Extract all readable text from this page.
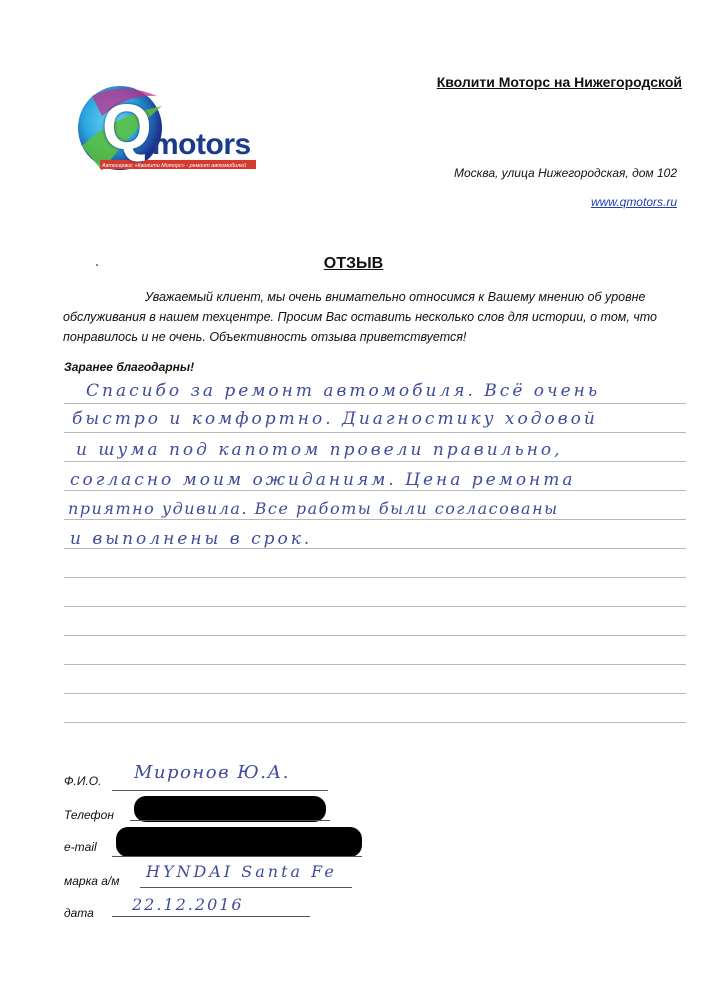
Автосервис «Кволити Моторс» - ремонт автомобилей
Q motors
Кволити Моторс на Нижегородской
Москва, улица Нижегородская, дом 102
www.qmotors.ru
ОТЗЫВ
Уважаемый клиент, мы очень внимательно относимся к Вашему мнению об уровне обслуживания в нашем техцентре. Просим Вас оставить несколько слов для истории, о том, что понравилось и не очень. Объективность отзыва приветствуется!
Заранее благодарны!
Спасибо за ремонт автомобиля. Всё очень
быстро и комфортно. Диагностику ходовой
и шума под капотом провели правильно,
согласно моим ожиданиям. Цена ремонта
приятно удивила. Все работы были согласованы
и выполнены в срок.
Ф.И.О. Миронов Ю.А.
Телефон
e-mail
марка а/м HYNDAI Santa Fe
дата 22.12.2016
